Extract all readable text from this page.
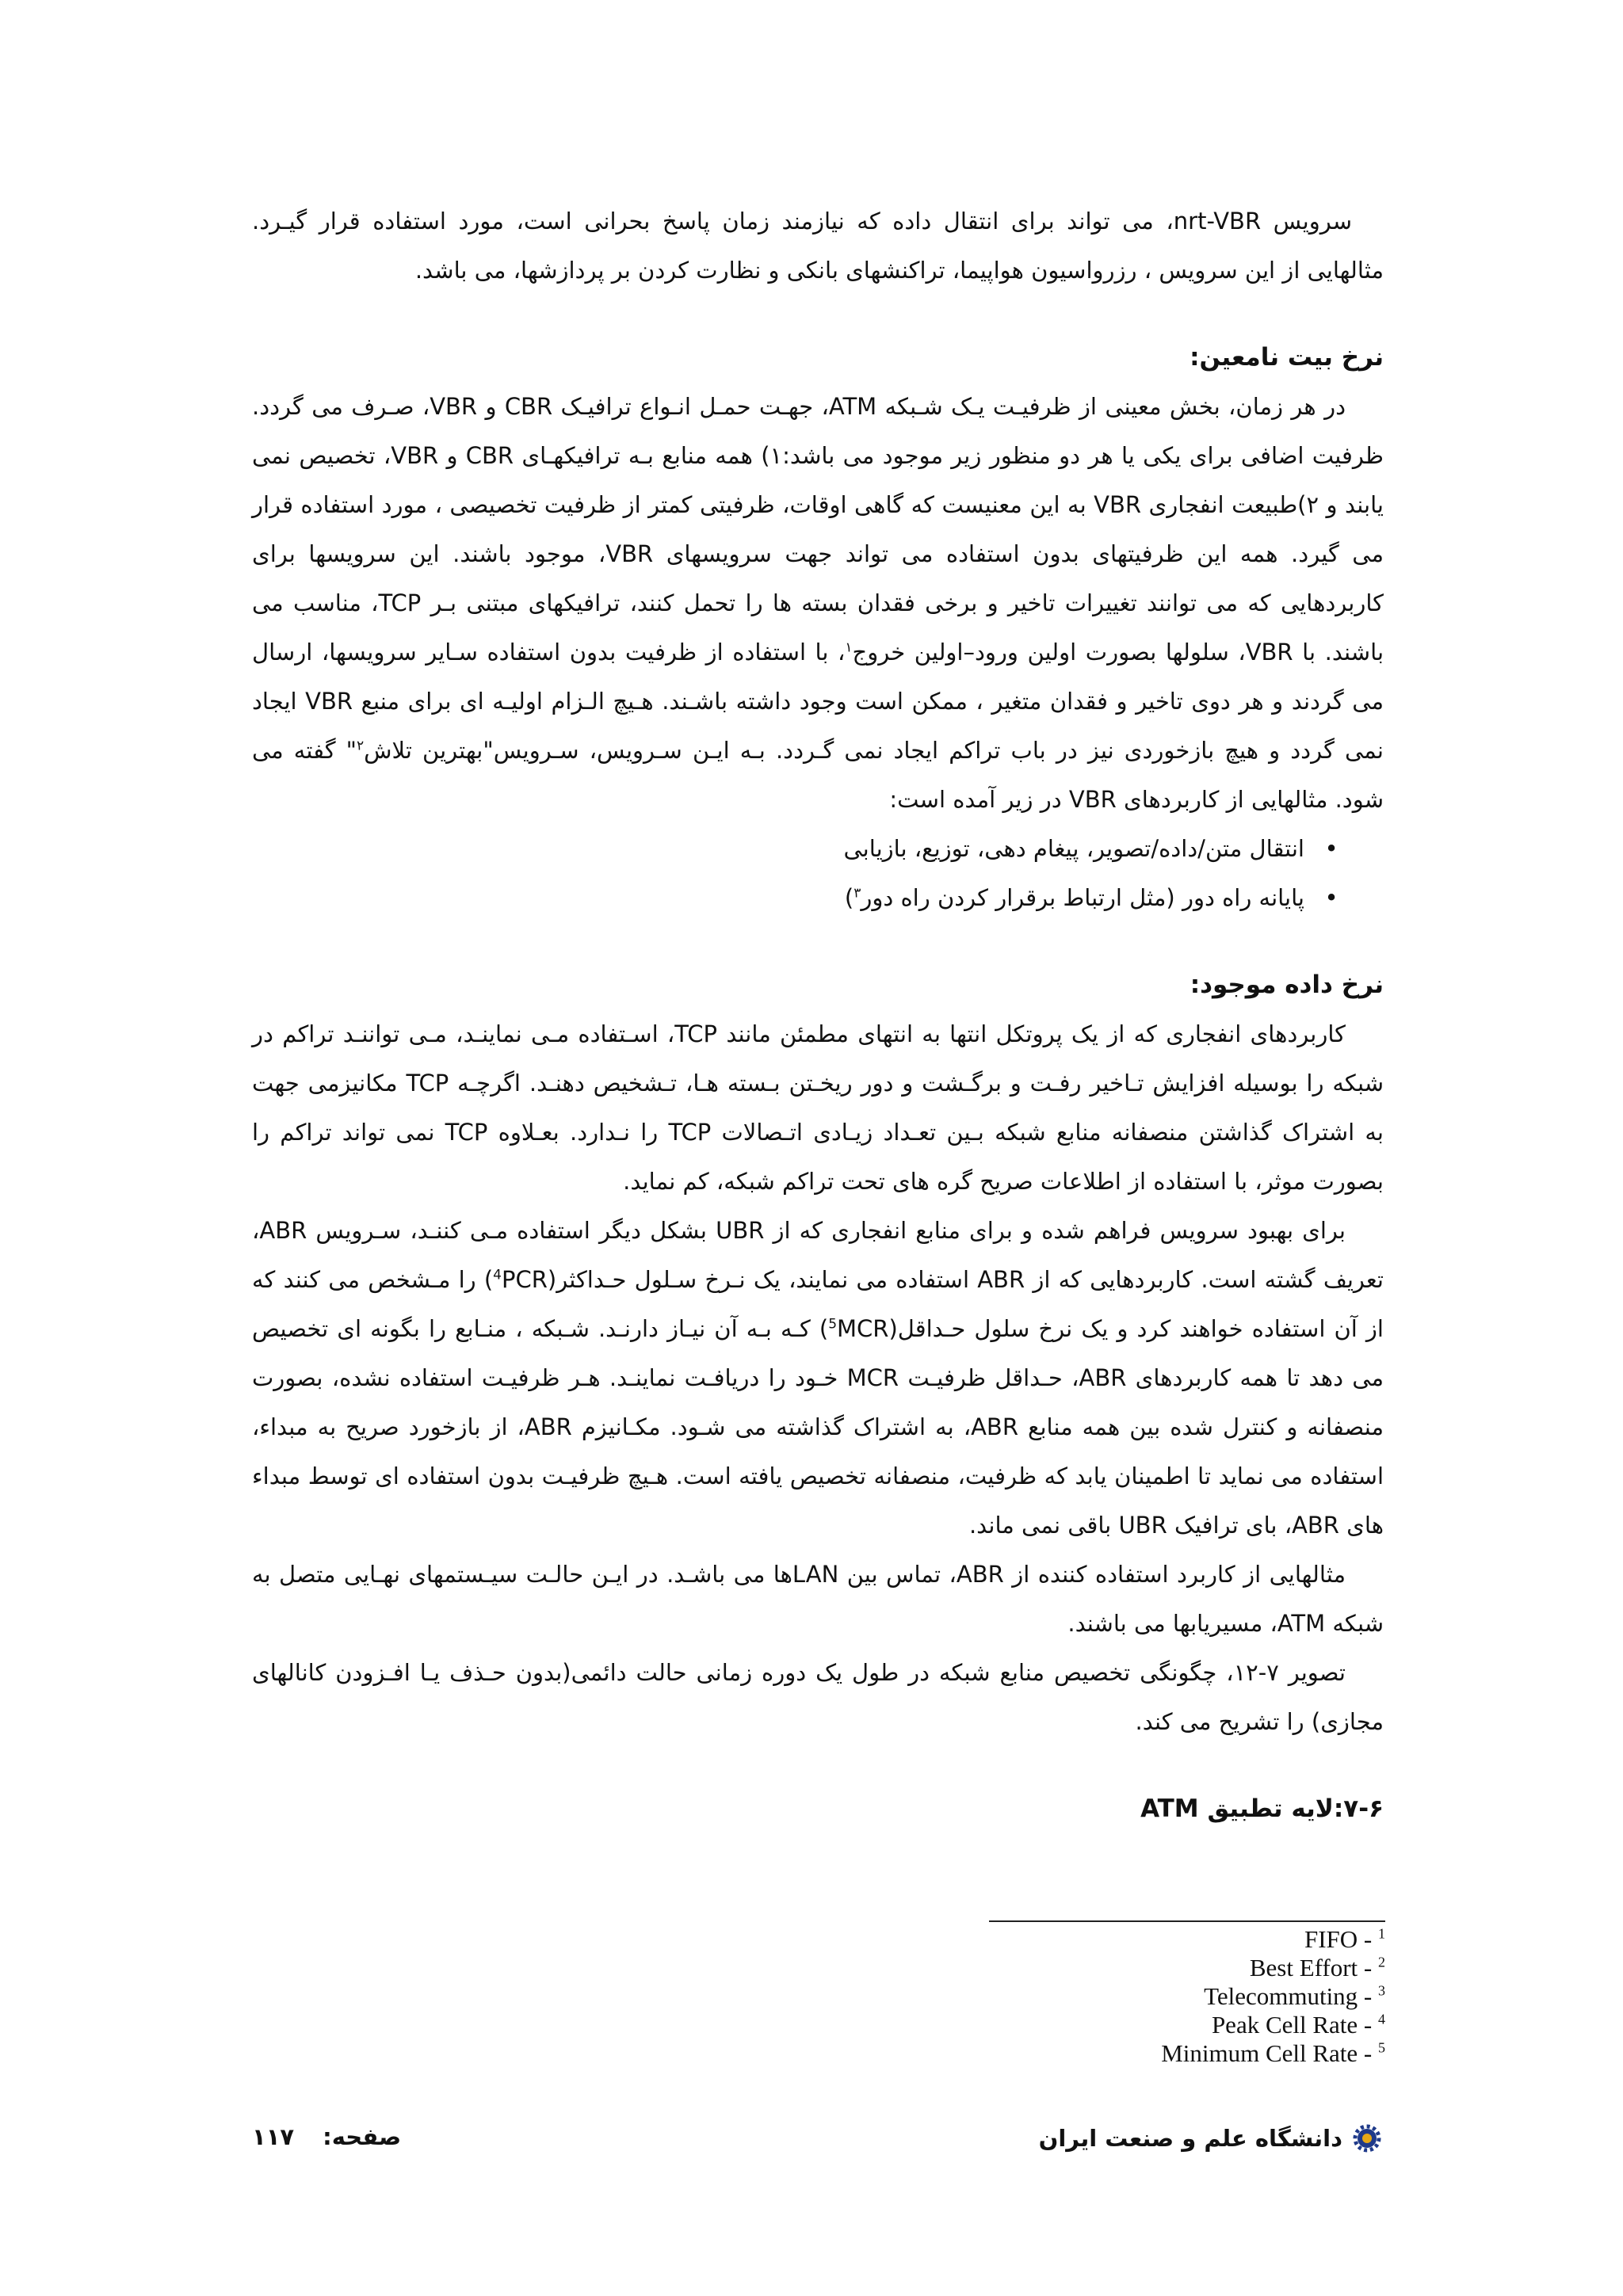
سرویس nrt-VBR، می تواند برای انتقال داده که نیازمند زمان پاسخ بحرانی است، مورد استفاده قرار گیـرد. مثالهایی از این سرویس ، رزرواسیون هواپیما، تراکنشهای بانکی و نظارت کردن بر پردازشها، می باشد.

نرخ بیت نامعین:

در هر زمان، بخش معینی از ظرفیـت یـک شـبکه ATM، جهـت حمـل انـواع ترافیـک CBR و VBR، صـرف می گردد. ظرفیت اضافی برای یکی یا هر دو منظور زیر موجود می باشد:۱) همه منابع بـه ترافیکهـای CBR و VBR، تخصیص نمی یابند و ۲)طبیعت انفجاری VBR به این معنیست که گاهی اوقات، ظرفیتی کمتر از ظرفیت تخصیصی ، مورد استفاده قرار می گیرد. همه این ظرفیتهای بدون استفاده می تواند جهت سرویسهای VBR، موجود باشند. این سرویسها برای کاربردهایی که می توانند تغییرات تاخیر و برخی فقدان بسته ها را تحمل کنند، ترافیکهای مبتنی بـر TCP، مناسب می باشند. با VBR، سلولها بصورت اولین ورود–اولین خروج$^۱$، با استفاده از ظرفیت بدون استفاده سـایر سرویسها، ارسال می گردند و هر دوی تاخیر و فقدان متغیر ، ممکن است وجود داشته باشـند. هـیچ الـزام اولیـه ای برای منبع VBR ایجاد نمی گردد و هیچ بازخوردی نیز در باب تراکم ایجاد نمی گـردد. بـه ایـن سـرویس، سـرویس"بهترین تلاش$^۲$" گفته می شود. مثالهایی از کاربردهای VBR در زیر آمده است:

•
انتقال متن/داده/تصویر، پیغام دهی، توزیع، بازیابی
•
پایانه راه دور (مثل ارتباط برقرار کردن راه دور$^۳$)
نرخ داده موجود:

کاربردهای انفجاری که از یک پروتکل انتها به انتهای مطمئن مانند TCP، اسـتفاده مـی نماینـد، مـی تواننـد تراکم در شبکه را بوسیله افزایش تـاخیر رفـت و برگـشت و دور ریخـتن بـسته هـا، تـشخیص دهنـد. اگرچـه TCP مکانیزمی جهت به اشتراک گذاشتن منصفانه منابع شبکه بـین تعـداد زیـادی اتـصالات TCP را نـدارد. بعـلاوه TCP نمی تواند تراکم را بصورت موثر، با استفاده از اطلاعات صریح گره های تحت تراکم شبکه، کم نماید.

برای بهبود سرویس فراهم شده و برای منابع انفجاری که از UBR بشکل دیگر استفاده مـی کننـد، سـرویس ABR، تعریف گشته است. کاربردهایی که از ABR استفاده می نمایند، یک نـرخ سـلول حـداکثر($^4$PCR) را مـشخص می کنند که از آن استفاده خواهند کرد و یک نرخ سلول حـداقل($^5$MCR) کـه بـه آن نیـاز دارنـد. شـبکه ، منـابع را بگونه ای تخصیص می دهد تا همه کاربردهای ABR، حـداقل ظرفیـت MCR خـود را دریافـت نماینـد. هـر ظرفیـت استفاده نشده، بصورت منصفانه و کنترل شده بین همه منابع ABR، به اشتراک گذاشته می شـود. مکـانیزم ABR، از بازخورد صریح به مبداء، استفاده می نماید تا اطمینان یابد که ظرفیت، منصفانه تخصیص یافته است. هـیچ ظرفیـت بدون استفاده ای توسط مبداء های ABR، بای ترافیک UBR باقی نمی ماند.

مثالهایی از کاربرد استفاده کننده از ABR، تماس بین LANها می باشـد. در ایـن حالـت سیـستمهای نهـایی متصل به شبکه ATM، مسیریابها می باشند.

تصویر ۷-۱۲، چگونگی تخصیص منابع شبکه در طول یک دوره زمانی حالت دائمی(بدون حـذف یـا افـزودن کانالهای مجازی) را تشریح می کند.

۷-۶:لایه تطبیق ATM

FIFO - $^1$

Best Effort - $^2$

Telecommuting - $^3$

Peak Cell Rate - $^4$

Minimum Cell Rate - $^5$

صفحه:۱۱۷	دانشگاه علم و صنعت ایران
